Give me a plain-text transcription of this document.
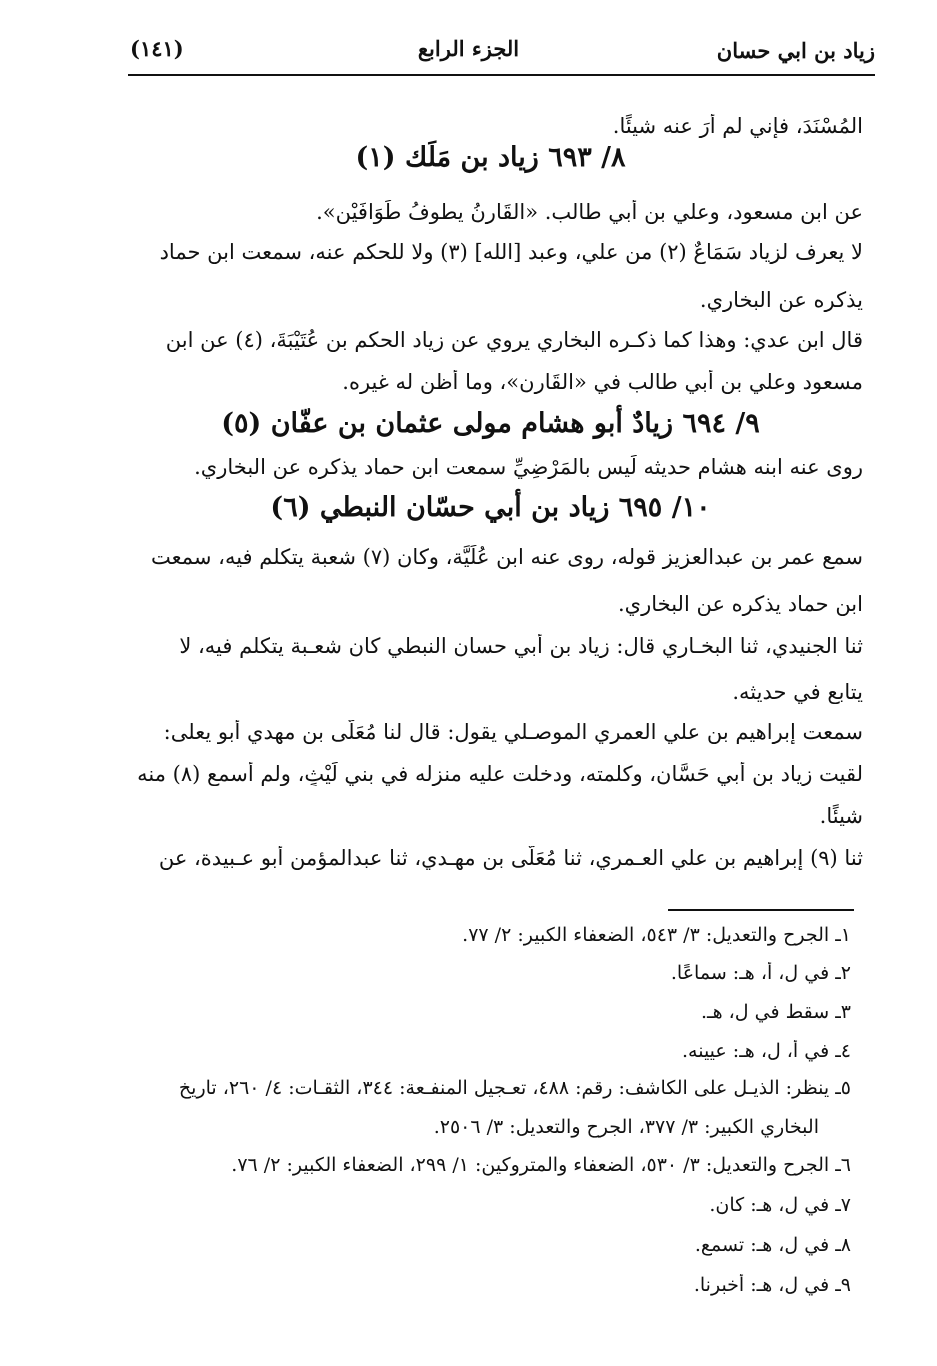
زياد بن ابي حسان
الجزء الرابع
(١٤١)
المُسْنَدَ، فإني لم أرَ عنه شيئًا.
٨/ ٦٩٣ زياد بن مَلَك (١)
عن ابن مسعود، وعلي بن أبي طالب. «القَارِنُ يطوفُ طَوَافَيْنِ».
لا يعرف لزياد سَمَاعٌ (٢) من علي، وعبد [الله] (٣) ولا للحكم عنه، سمعت ابن حماد
يذكره عن البخاري.
قال ابن عدي: وهذا كما ذكـره البخاري يروي عن زياد الحكم بن عُتَيْبَةَ، (٤) عن ابن
مسعود وعلي بن أبي طالب في «القَارِن»، وما أظن له غيره.
٩/ ٦٩٤ زيادٌ أبو هشام مولى عثمان بن عفّان (٥)
روى عنه ابنه هشام حديثه لَيس بالمَرْضِيِّ سمعت ابن حماد يذكره عن البخاري.
١٠/ ٦٩٥ زياد بن أبي حسّان النبطي (٦)
سمع عمر بن عبدالعزيز قوله، روى عنه ابن عُلَيَّة، وكان (٧) شعبة يتكلم فيه، سمعت
ابن حماد يذكره عن البخاري.
ثنا الجنيدي، ثنا البخـاري قال: زياد بن أبي حسان النبطي كان شعـبة يتكلم فيه، لا
يتابع في حديثه.
سمعت إبراهيم بن علي العمري الموصـلي يقول: قال لنا مُعَلَّى بن مهدي أبو يعلى:
لقيت زياد بن أبي حَسَّان، وكلمته، ودخلت عليه منزله في بني لَيْثٍ، ولم أسمع (٨) منه
شيئًا.
ثنا (٩) إبراهيم بن علي العـمري، ثنا مُعَلَّى بن مهـدي، ثنا عبدالمؤمن أبو عـبيدة، عن
١ـ الجرح والتعديل: ٣/ ٥٤٣، الضعفاء الكبير: ٢/ ٧٧.
٢ـ في ل، أ، هـ: سماعًا.
٣ـ سقط في ل، هـ.
٤ـ في أ، ل، هـ: عيينه.
٥ـ ينظر: الذيـل على الكاشف: رقم: ٤٨٨، تعـجيل المنفـعة: ٣٤٤، الثقـات: ٤/ ٢٦٠، تاريخ
البخاري الكبير: ٣/ ٣٧٧، الجرح والتعديل: ٣/ ٢٥٠٦.
٦ـ الجرح والتعديل: ٣/ ٥٣٠، الضعفاء والمتروكين: ١/ ٢٩٩، الضعفاء الكبير: ٢/ ٧٦.
٧ـ في ل، هـ: كان.
٨ـ في ل، هـ: تسمع.
٩ـ في ل، هـ: أخبرنا.
